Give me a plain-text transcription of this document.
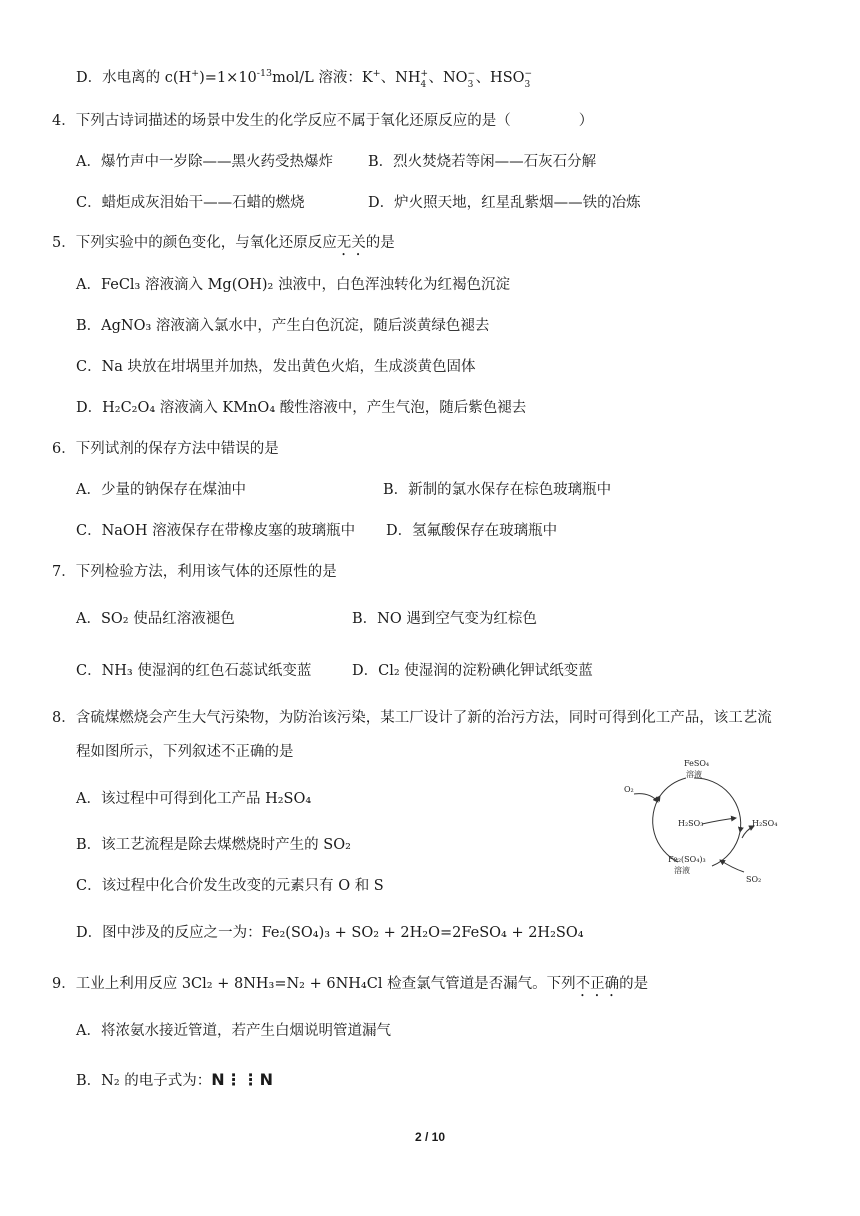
D．水电离的 $c(H^+)=1\times 10^{-13}mol/L$ 溶液：K+、NH +
4 、NO −
3 、HSO −
3
4．下列古诗词描述的场景中发生的化学反应不属于氧化还原反应的是（	）
A．爆竹声中一岁除——黑火药受热爆炸 B．烈火焚烧若等闲——石灰石分解
C．蜡炬成灰泪始干——石蜡的燃烧	D．炉火照天地，红星乱紫烟——铁的冶炼
5．下列实验中的颜色变化，与氧化还原反应无关的是
A．FeCl₃ 溶液滴入 Mg(OH)₂ 浊液中，白色浑浊转化为红褐色沉淀
B．AgNO₃ 溶液滴入氯水中，产生白色沉淀，随后淡黄绿色褪去
C．Na 块放在坩埚里并加热，发出黄色火焰，生成淡黄色固体
D．H₂C₂O₄ 溶液滴入 KMnO₄ 酸性溶液中，产生气泡，随后紫色褪去
6．下列试剂的保存方法中错误的是
A．少量的钠保存在煤油中	B．新制的氯水保存在棕色玻璃瓶中
C．NaOH 溶液保存在带橡皮塞的玻璃瓶中 D．氢氟酸保存在玻璃瓶中
7．下列检验方法，利用该气体的还原性的是
A．SO₂ 使品红溶液褪色	B．NO 遇到空气变为红棕色
C．NH₃ 使湿润的红色石蕊试纸变蓝	D．Cl₂ 使湿润的淀粉碘化钾试纸变蓝
8．含硫煤燃烧会产生大气污染物，为防治该污染，某工厂设计了新的治污方法，同时可得到化工产品，该工艺流
程如图所示，下列叙述不正确的是
A．该过程中可得到化工产品 H₂SO₄
B．该工艺流程是除去煤燃烧时产生的 SO₂
C．该过程中化合价发生改变的元素只有 O 和 S
D．图中涉及的反应之一为：Fe₂(SO₄)₃ + SO₂ + 2H₂O=2FeSO₄ + 2H₂SO₄
FeSO₄
溶液
O₂
H₂SO₃	H₂SO₄
Fe₂(SO₄)₃
溶液
SO₂
9．工业上利用反应 3Cl₂ + 8NH₃=N₂ + 6NH₄Cl 检查氯气管道是否漏气。下列不正确的是
A．将浓氨水接近管道，若产生白烟说明管道漏气
B．N₂ 的电子式为：N⋮⋮N
2 / 10
